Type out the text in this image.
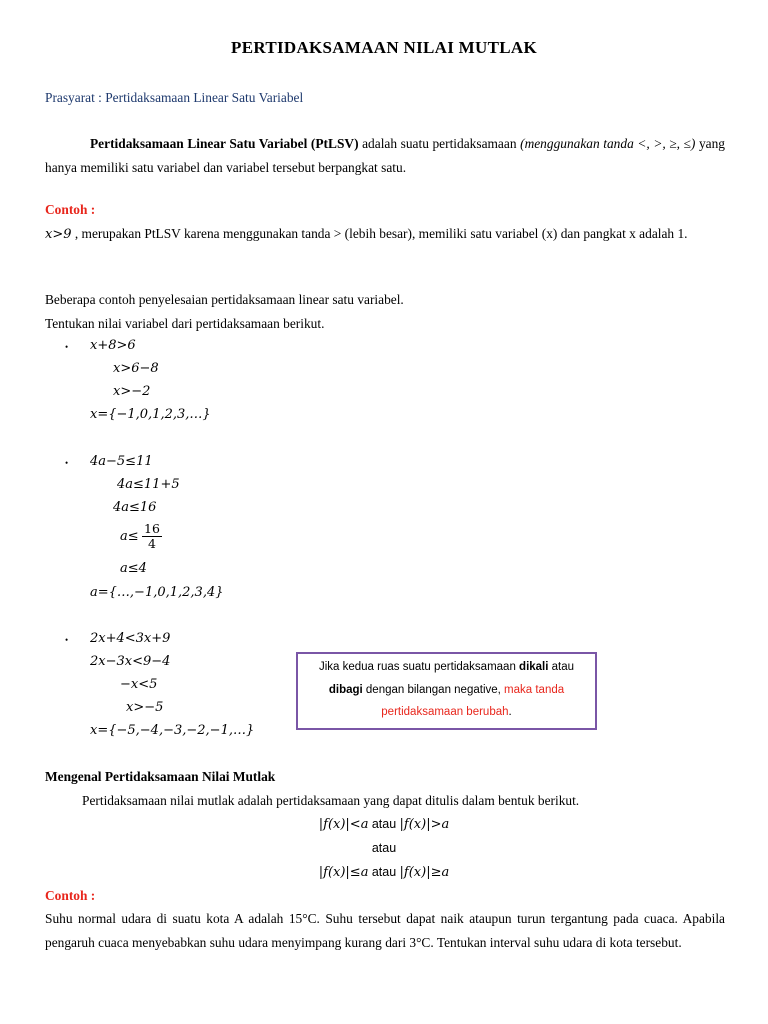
PERTIDAKSAMAAN NILAI MUTLAK
Prasyarat : Pertidaksamaan Linear Satu Variabel
Pertidaksamaan Linear Satu Variabel (PtLSV) adalah suatu pertidaksamaan (menggunakan tanda <, >, ≥, ≤) yang hanya memiliki satu variabel dan variabel tersebut berpangkat satu.
Contoh :
x>9 , merupakan PtLSV karena menggunakan tanda > (lebih besar), memiliki satu variabel (x) dan pangkat x adalah 1.
Beberapa contoh penyelesaian pertidaksamaan linear satu variabel.
Tentukan nilai variabel dari pertidaksamaan berikut.
• x+8>6
x>6−8
x>−2
x={−1,0,1,2,3,…}
• 4a−5≤11
4a≤11+5
4a≤16
$a\le \frac{16}{4}$
a≤4
a={…,−1,0,1,2,3,4}
• 2x+4<3x+9
2x−3x<9−4
−x<5
x>−5
x={−5,−4,−3,−2,−1,…}
Jika kedua ruas suatu pertidaksamaan dikali atau
dibagi dengan bilangan negative, maka tanda
pertidaksamaan berubah.
Mengenal Pertidaksamaan Nilai Mutlak
Pertidaksamaan nilai mutlak adalah pertidaksamaan yang dapat ditulis dalam bentuk berikut.
|f(x)|<a atau |f(x)|>a
atau
|f(x)|≤a atau |f(x)|≥a
Contoh :
Suhu normal udara di suatu kota A adalah 15°C. Suhu tersebut dapat naik ataupun turun tergantung pada cuaca. Apabila pengaruh cuaca menyebabkan suhu udara menyimpang kurang dari 3°C. Tentukan interval suhu udara di kota tersebut.
